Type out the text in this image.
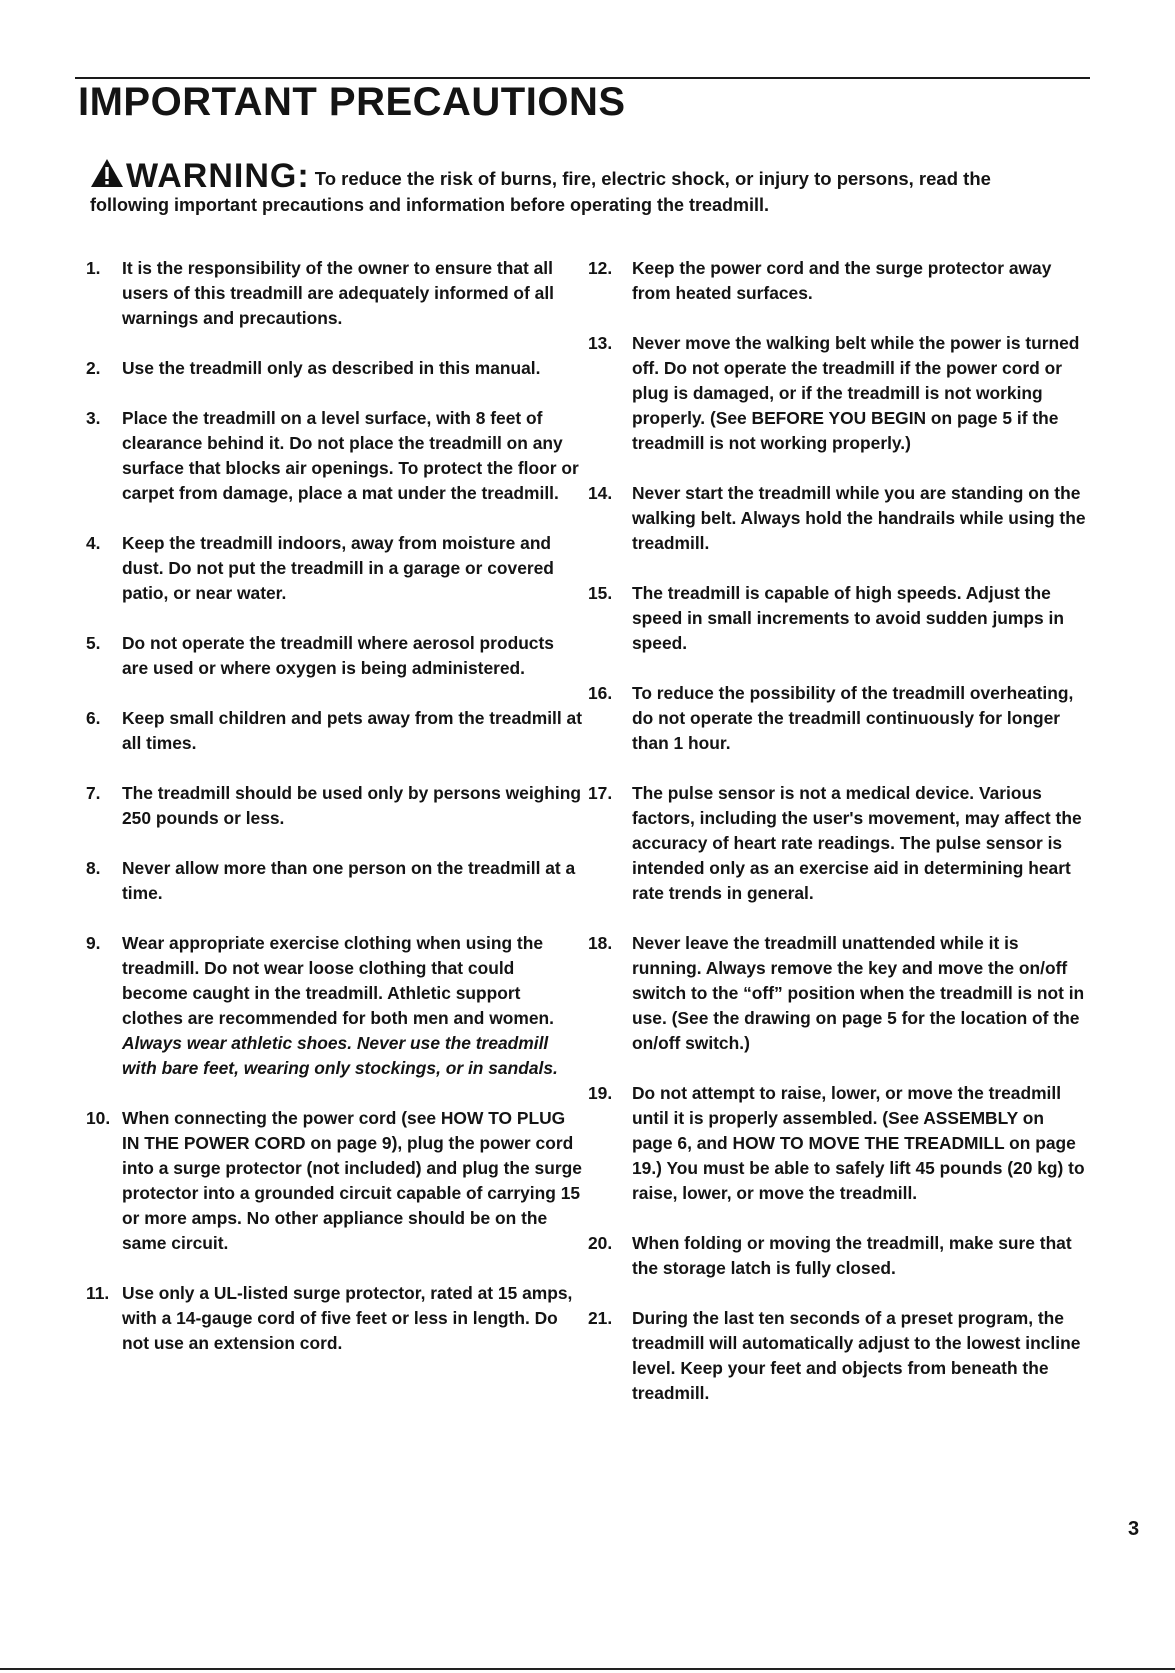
IMPORTANT PRECAUTIONS
WARNING: To reduce the risk of burns, fire, electric shock, or injury to persons, read the
following important precautions and information before operating the treadmill.
1.	It is the responsibility of the owner to ensure that all users of this treadmill are adequately informed of all warnings and precautions.
2.	Use the treadmill only as described in this manual.
3.	Place the treadmill on a level surface, with 8 feet of clearance behind it. Do not place the treadmill on any surface that blocks air openings. To protect the floor or carpet from damage, place a mat under the treadmill.
4.	Keep the treadmill indoors, away from moisture and dust. Do not put the treadmill in a garage or covered patio, or near water.
5.	Do not operate the treadmill where aerosol products are used or where oxygen is being administered.
6.	Keep small children and pets away from the treadmill at all times.
7.	The treadmill should be used only by persons weighing 250 pounds or less.
8.	Never allow more than one person on the treadmill at a time.
9.	Wear appropriate exercise clothing when using the treadmill. Do not wear loose clothing that could become caught in the treadmill. Athletic support clothes are recommended for both men and women. Always wear athletic shoes. Never use the treadmill with bare feet, wearing only stockings, or in sandals.
10. When connecting the power cord (see HOW TO PLUG IN THE POWER CORD on page 9), plug the power cord into a surge protector (not included) and plug the surge protector into a grounded circuit capable of carrying 15 or more amps. No other appliance should be on the same circuit.
11. Use only a UL-listed surge protector, rated at 15 amps, with a 14-gauge cord of five feet or less in length. Do not use an extension cord.
12.	Keep the power cord and the surge protector away from heated surfaces.
13.	Never move the walking belt while the power is turned off. Do not operate the treadmill if the power cord or plug is damaged, or if the treadmill is not working properly. (See BEFORE YOU BEGIN on page 5 if the treadmill is not working properly.)
14.	Never start the treadmill while you are standing on the walking belt. Always hold the handrails while using the treadmill.
15.	The treadmill is capable of high speeds. Adjust the speed in small increments to avoid sudden jumps in speed.
16.	To reduce the possibility of the treadmill overheating, do not operate the treadmill continuously for longer than 1 hour.
17.	The pulse sensor is not a medical device. Various factors, including the user's movement, may affect the accuracy of heart rate readings. The pulse sensor is intended only as an exercise aid in determining heart rate trends in general.
18.	Never leave the treadmill unattended while it is running. Always remove the key and move the on/off switch to the “off” position when the treadmill is not in use. (See the drawing on page 5 for the location of the on/off switch.)
19.	Do not attempt to raise, lower, or move the treadmill until it is properly assembled. (See ASSEMBLY on page 6, and HOW TO MOVE THE TREADMILL on page 19.) You must be able to safely lift 45 pounds (20 kg) to raise, lower, or move the treadmill.
20.	When folding or moving the treadmill, make sure that the storage latch is fully closed.
21.	During the last ten seconds of a preset program, the treadmill will automatically adjust to the lowest incline level. Keep your feet and objects from beneath the treadmill.
3
